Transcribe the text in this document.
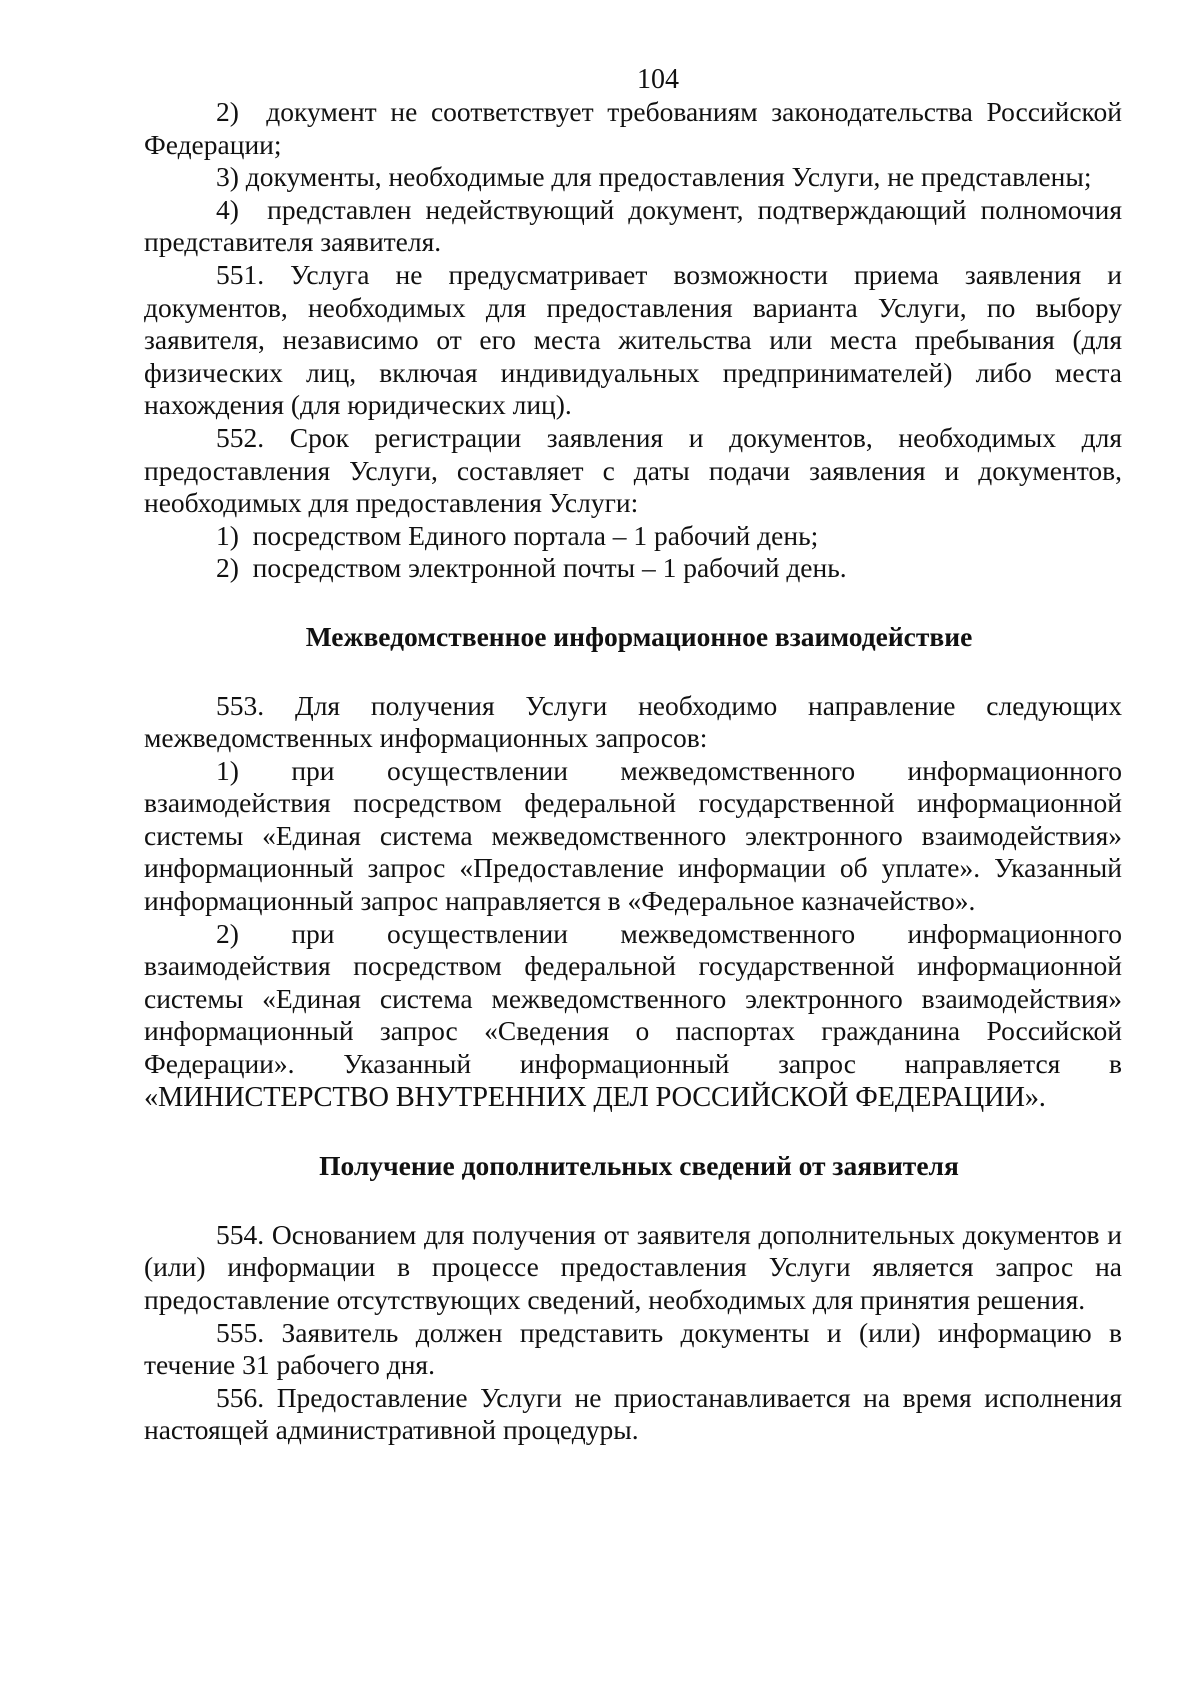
104

2)  документ не соответствует требованиям законодательства Российской Федерации;

3) документы, необходимые для предоставления Услуги, не представлены;

4)  представлен недействующий документ, подтверждающий полномочия представителя заявителя.

551. Услуга не предусматривает возможности приема заявления и документов, необходимых для предоставления варианта Услуги, по выбору заявителя, независимо от его места жительства или места пребывания (для физических лиц, включая индивидуальных предпринимателей) либо места нахождения (для юридических лиц).

552. Срок регистрации заявления и документов, необходимых для предоставления Услуги, составляет с даты подачи заявления и документов, необходимых для предоставления Услуги:

1)  посредством Единого портала – 1 рабочий день;

2)  посредством электронной почты – 1 рабочий день.

Межведомственное информационное взаимодействие

553. Для получения Услуги необходимо направление следующих межведомственных информационных запросов:

1) при осуществлении межведомственного информационного взаимодействия посредством федеральной государственной информационной системы «Единая система межведомственного электронного взаимодействия» информационный запрос «Предоставление информации об уплате». Указанный информационный запрос направляется в «Федеральное казначейство».

2) при осуществлении межведомственного информационного взаимодействия посредством федеральной государственной информационной системы «Единая система межведомственного электронного взаимодействия» информационный запрос «Сведения о паспортах гражданина Российской Федерации». Указанный информационный запрос направляется в «МИНИСТЕРСТВО ВНУТРЕННИХ ДЕЛ РОССИЙСКОЙ ФЕДЕРАЦИИ».

Получение дополнительных сведений от заявителя

554. Основанием для получения от заявителя дополнительных документов и (или) информации в процессе предоставления Услуги является запрос на предоставление отсутствующих сведений, необходимых для принятия решения.

555. Заявитель должен представить документы и (или) информацию в течение 31 рабочего дня.

556. Предоставление Услуги не приостанавливается на время исполнения настоящей административной процедуры.
